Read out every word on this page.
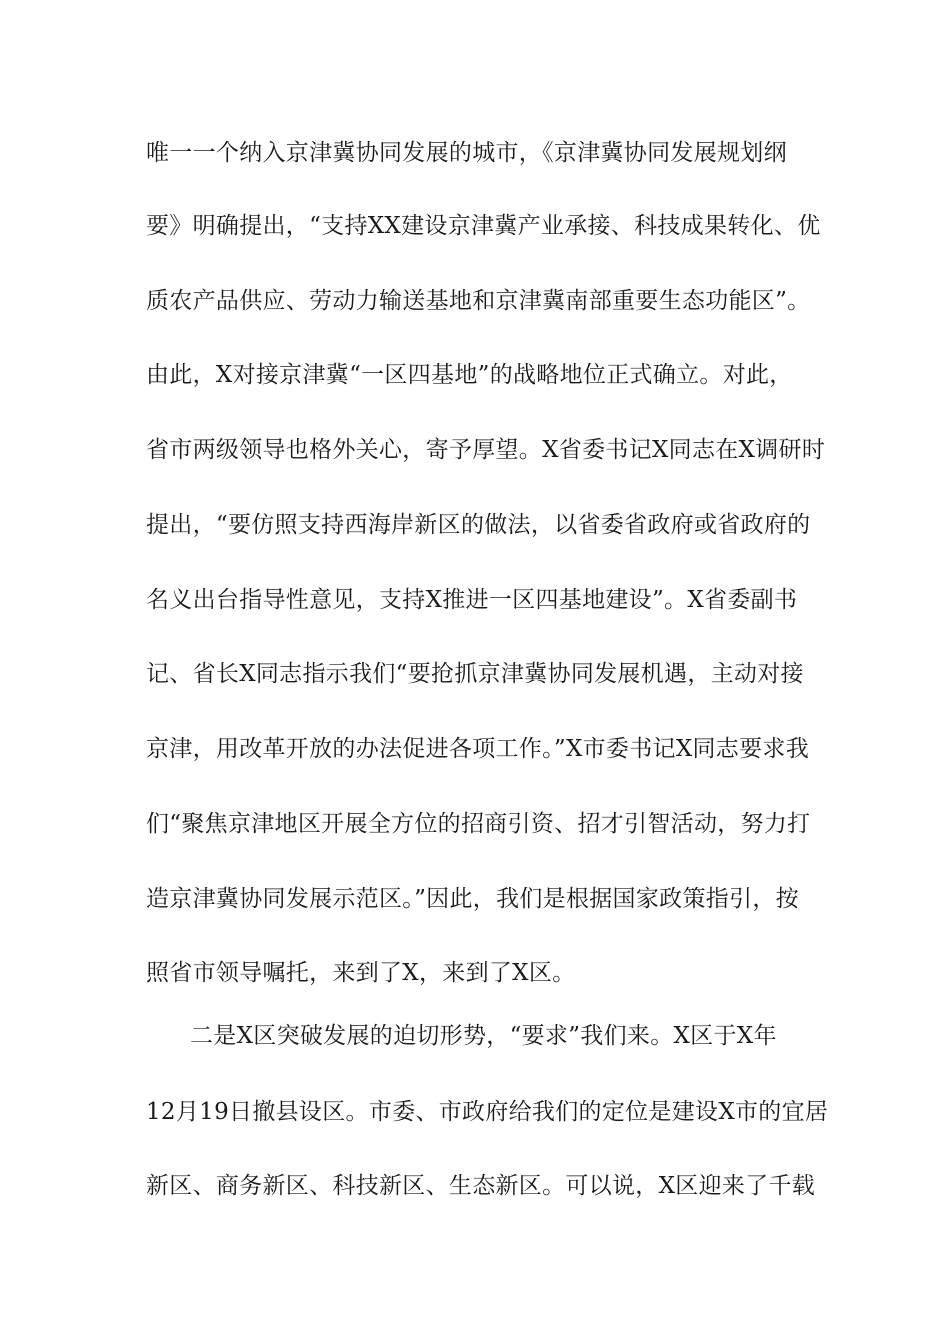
唯一一个纳入京津冀协同发展的城市，《京津冀协同发展规划纲
要》明确提出，“支持XX建设京津冀产业承接、科技成果转化、优
质农产品供应、劳动力输送基地和京津冀南部重要生态功能区”。
由此，X对接京津冀“一区四基地”的战略地位正式确立。对此，
省市两级领导也格外关心，寄予厚望。X省委书记X同志在X调研时
提出，“要仿照支持西海岸新区的做法，以省委省政府或省政府的
名义出台指导性意见，支持X推进一区四基地建设”。X省委副书
记、省长X同志指示我们“要抢抓京津冀协同发展机遇，主动对接
京津，用改革开放的办法促进各项工作。”X市委书记X同志要求我
们“聚焦京津地区开展全方位的招商引资、招才引智活动，努力打
造京津冀协同发展示范区。”因此，我们是根据国家政策指引，按
照省市领导嘱托，来到了X，来到了X区。
二是X区突破发展的迫切形势，“要求”我们来。X区于X年
12月19日撤县设区。市委、市政府给我们的定位是建设X市的宜居
新区、商务新区、科技新区、生态新区。可以说，X区迎来了千载
